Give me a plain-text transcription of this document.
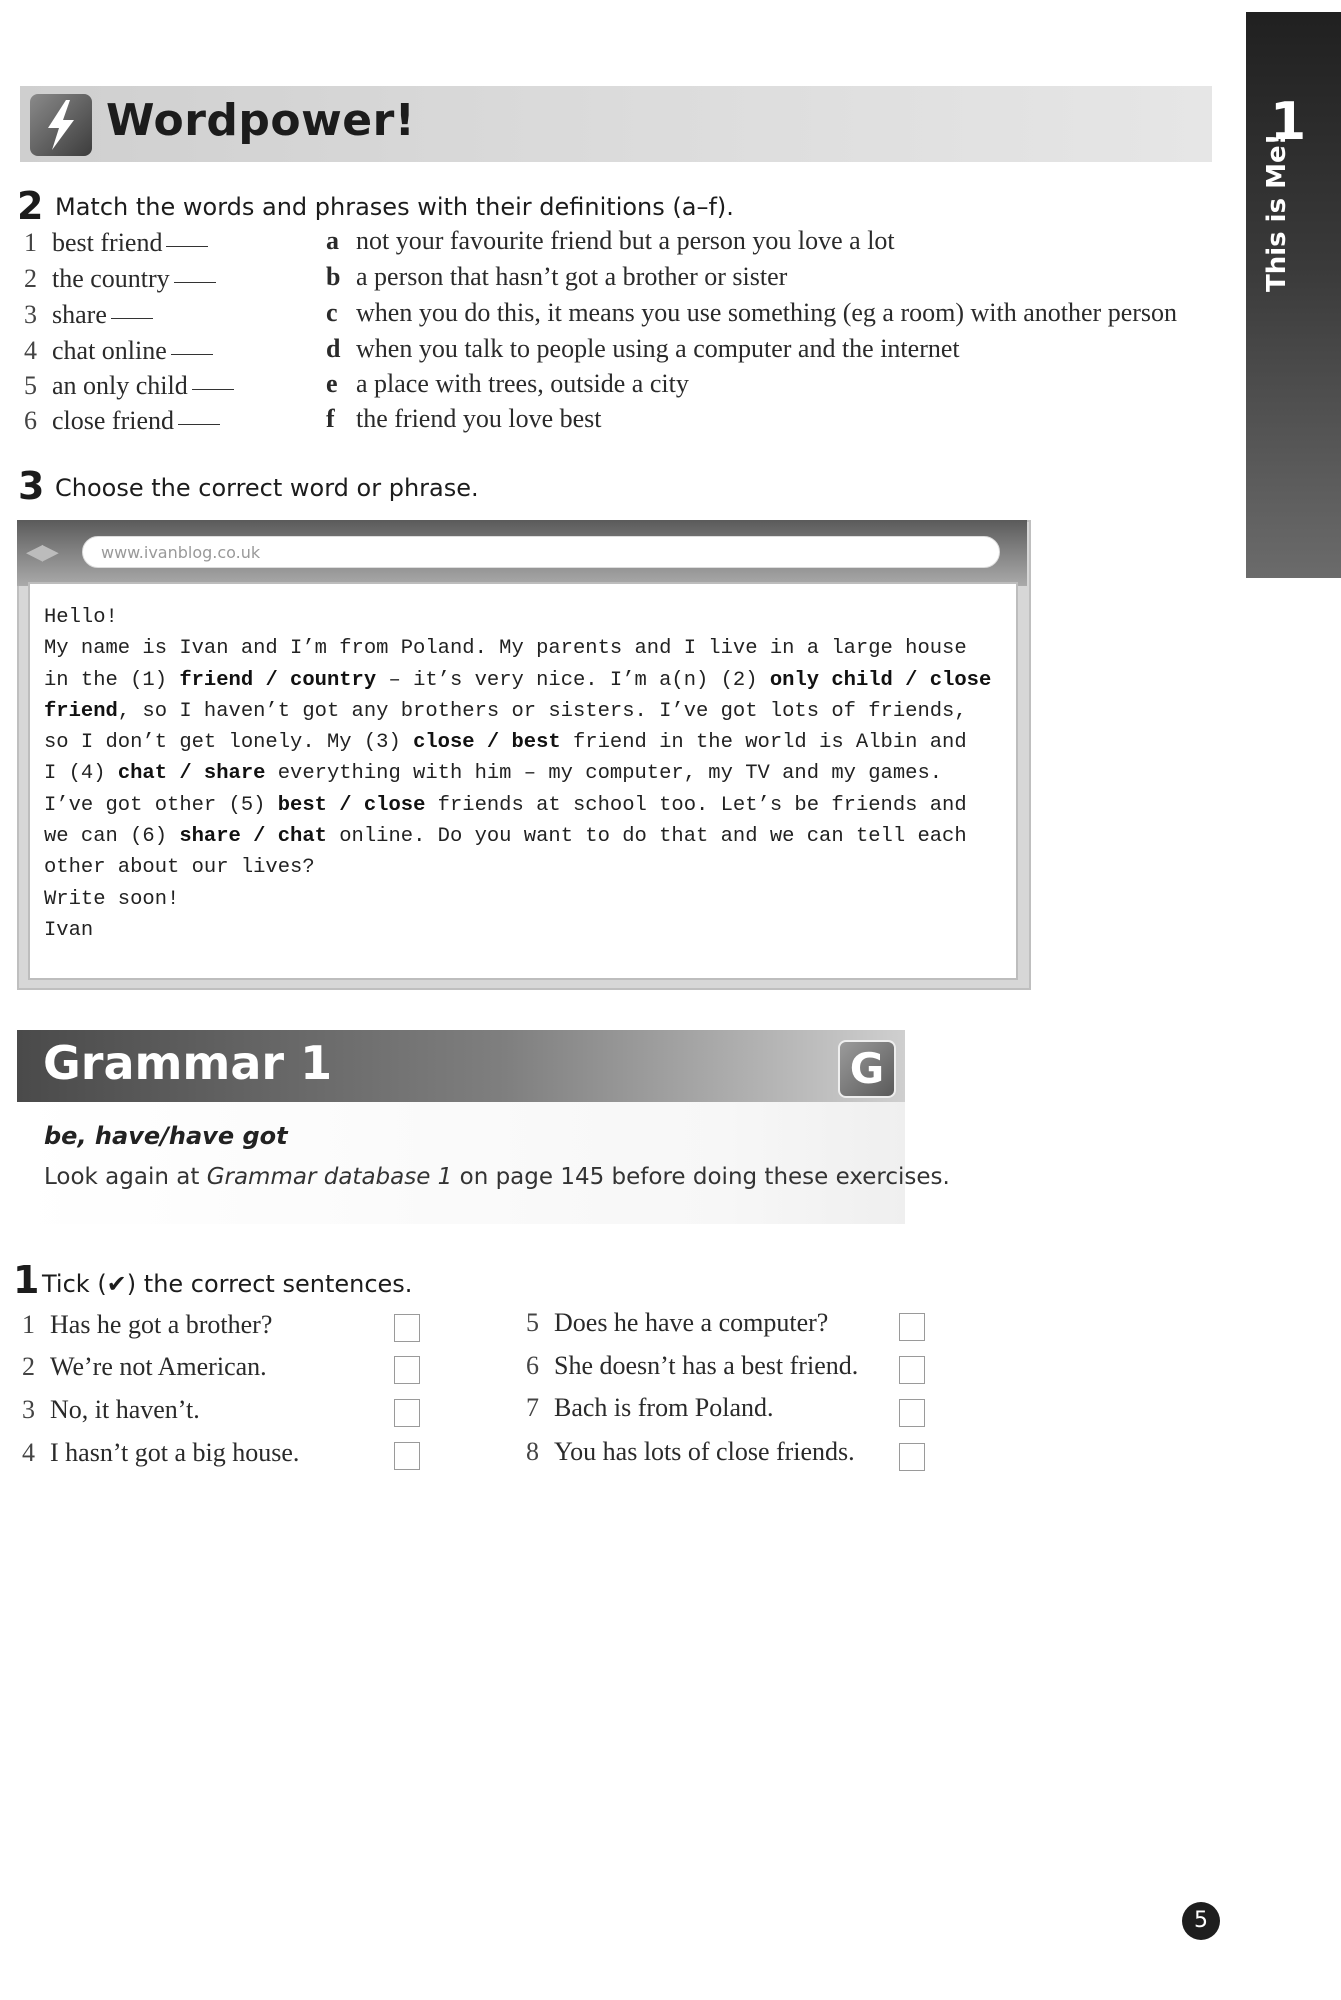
1
This is Me!
Wordpower!
2 Match the words and phrases with their definitions (a–f).
1 best friend
2 the country
3 share
4 chat online
5 an only child
6 close friend
a not your favourite friend but a person you love a lot
b a person that hasn’t got a brother or sister
c when you do this, it means you use something (eg a room) with another person
d when you talk to people using a computer and the internet
e a place with trees, outside a city
f the friend you love best
3 Choose the correct word or phrase.
◀ ▶	www.ivanblog.co.uk
Hello!
My name is Ivan and I’m from Poland. My parents and I live in a large house
in the (1) friend / country – it’s very nice. I’m a(n) (2) only child / close
friend, so I haven’t got any brothers or sisters. I’ve got lots of friends,
so I don’t get lonely. My (3) close / best friend in the world is Albin and
I (4) chat / share everything with him – my computer, my TV and my games.
I’ve got other (5) best / close friends at school too. Let’s be friends and
we can (6) share / chat online. Do you want to do that and we can tell each
other about our lives?
Write soon!
Ivan
Grammar 1	G
be, have/have got
Look again at Grammar database 1 on page 145 before doing these exercises.
1 Tick (✔) the correct sentences.
1 Has he got a brother?
2 We’re not American.
3 No, it haven’t.
4 I hasn’t got a big house.
5 Does he have a computer?
6 She doesn’t has a best friend.
7 Bach is from Poland.
8 You has lots of close friends.
5
